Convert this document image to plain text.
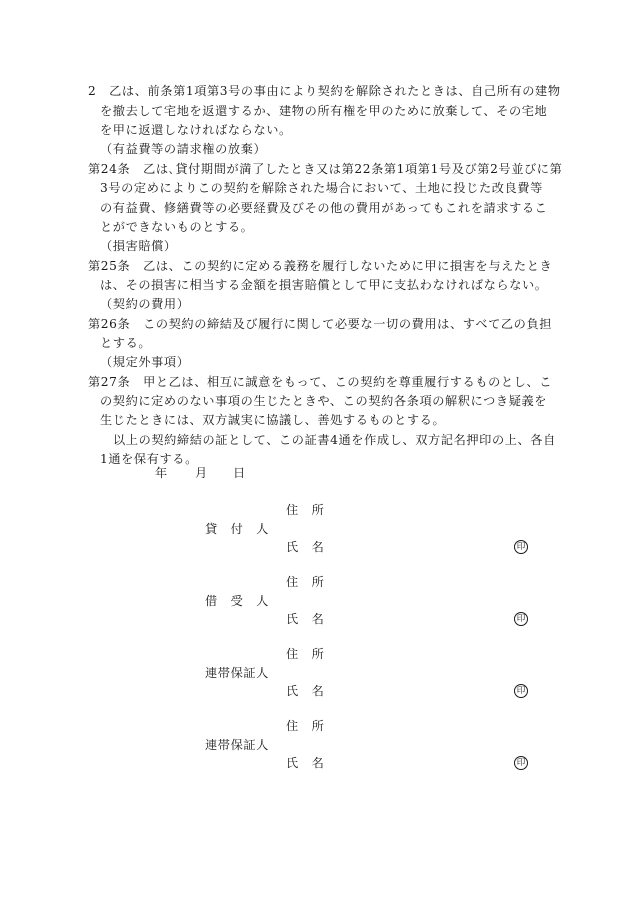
2　乙は、前条第1項第3号の事由により契約を解除されたときは、自己所有の建物
を撤去して宅地を返還するか、建物の所有権を甲のために放棄して、その宅地
を甲に返還しなければならない。
（有益費等の請求権の放棄）
第24条　乙は､貸付期間が満了したとき又は第22条第1項第1号及び第2号並びに第
3号の定めによりこの契約を解除された場合において、土地に投じた改良費等
の有益費、修繕費等の必要経費及びその他の費用があってもこれを請求するこ
とができないものとする。
（損害賠償）
第25条　乙は、この契約に定める義務を履行しないために甲に損害を与えたとき
は、その損害に相当する金額を損害賠償として甲に支払わなければならない。
（契約の費用）
第26条　この契約の締結及び履行に関して必要な一切の費用は、すべて乙の負担
とする。
（規定外事項）
第27条　甲と乙は、相互に誠意をもって、この契約を尊重履行するものとし、こ
の契約に定めのない事項の生じたときや、この契約各条項の解釈につき疑義を
生じたときには、双方誠実に協議し、善処するものとする。
以上の契約締結の証として、この証書4通を作成し、双方記名押印の上、各自
1通を保有する。
年 月 日
住　所
貸　付　人
氏　名	印
住　所
借　受　人
氏　名	印
住　所
連帯保証人
氏　名	印
住　所
連帯保証人
氏　名	印
